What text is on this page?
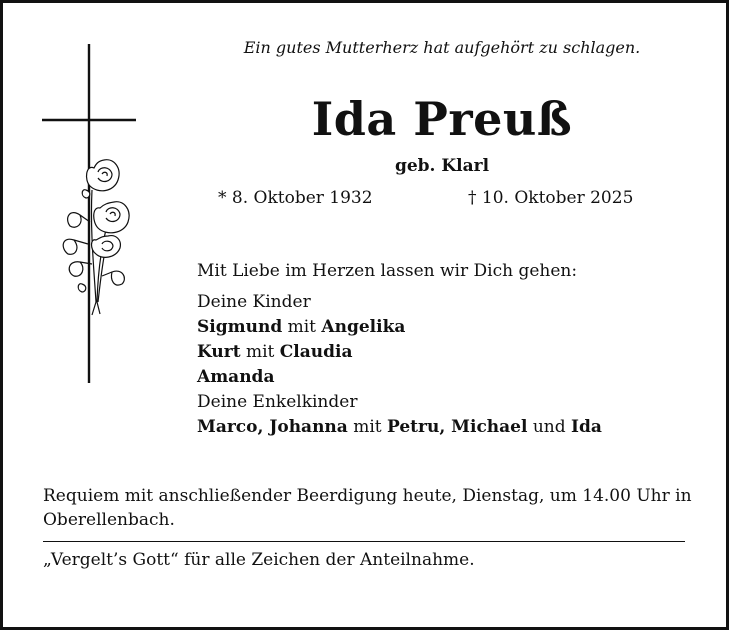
Ein gutes Mutterherz hat aufgehört zu schlagen.
Ida Preuß
geb. Klarl
* 8. Oktober 1932	† 10. Oktober 2025
Mit Liebe im Herzen lassen wir Dich gehen:
Deine Kinder
Sigmund mit Angelika
Kurt mit Claudia
Amanda
Deine Enkelkinder
Marco, Johanna mit Petru, Michael und Ida
Requiem mit anschließender Beerdigung heute, Dienstag, um 14.00 Uhr in Oberellenbach.
„Vergelt’s Gott“ für alle Zeichen der Anteilnahme.
